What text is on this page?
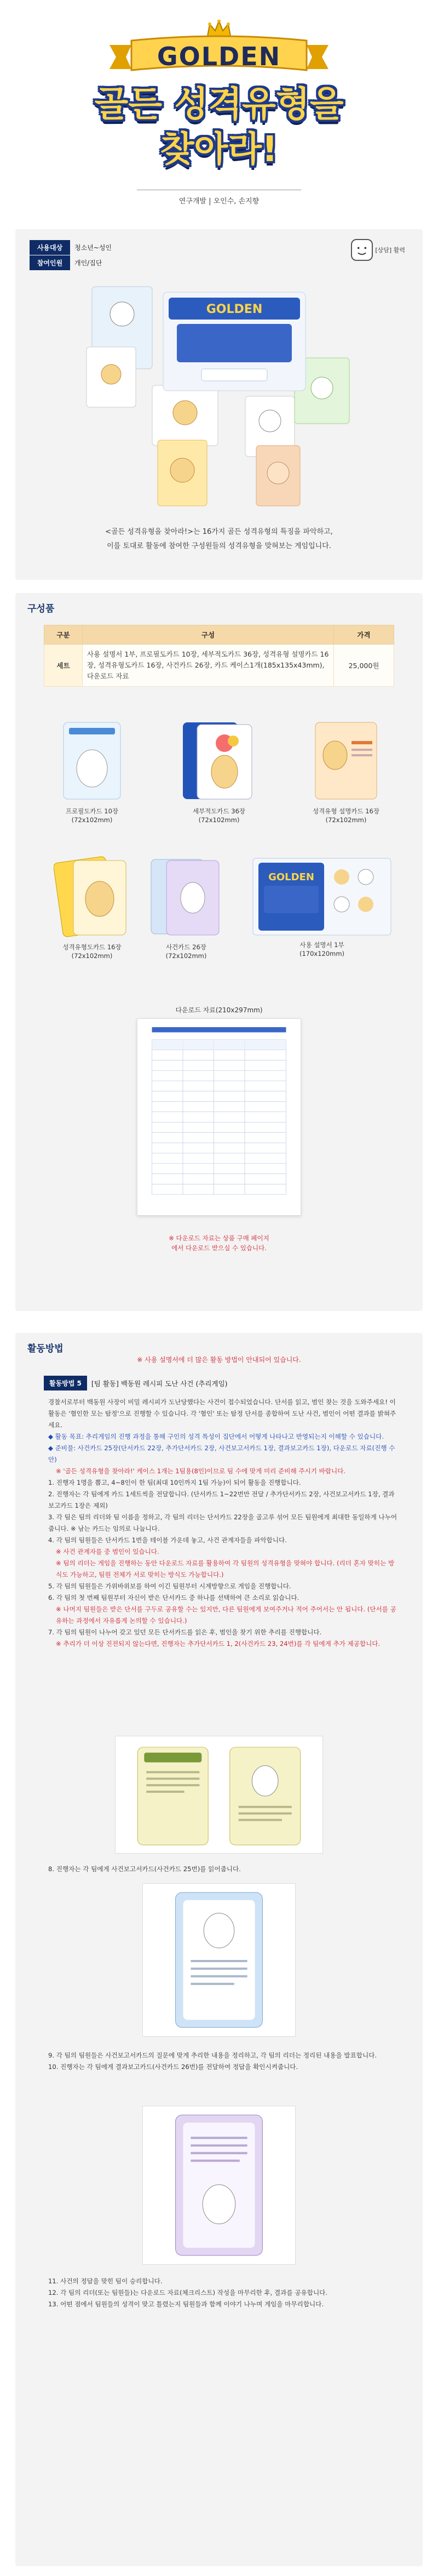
GOLDEN
골든 성격유형을
찾아라!
연구개발 | 오인수, 손지향
사용대상	청소년~성인
참여인원	개인/집단
[상담] 활력
GOLDEN
<골든 성격유형을 찾아라!>는 16가지 골든 성격유형의 특징을 파악하고,
이를 토대로 활동에 참여한 구성원들의 성격유형을 맞혀보는 게임입니다.
구성품
구분	구성	가격
세트	사용 설명서 1부, 프로필도카드 10장, 세부적도카드 36장, 성격유형 설명카드 16장, 성격유형도카드 16장, 사건카드 26장, 카드 케이스1개(185x135x43mm), 다운로드 자료	25,000원
프로필도카드 10장
(72x102mm)
세부적도카드 36장
(72x102mm)
성격유형 설명카드 16장
(72x102mm)
성격유형도카드 16장
(72x102mm)
사건카드 26장
(72x102mm)
GOLDEN
사용 설명서 1부
(170x120mm)
다운로드 자료(210x297mm)
※ 다운로드 자료는 상품 구매 페이지
에서 다운로드 받으실 수 있습니다.
활동방법
※ 사용 설명서에 더 많은 활동 방법이 안내되어 있습니다.
활동방법 5	[팀 활동] 백동원 레시피 도난 사건 (추리게임)

경찰서로부터 백동원 사장이 비밀 레시피가 도난당했다는 사건이 접수되었습니다. 단서를 읽고, 범인 찾는 것을 도와주세요! 이 활동은 '혐인한 모는 탐정'으로 진행할 수 있습니다. 각 '혐인' 또는 탐정 단서를 종합하여 도난 사건, 범인이 어떤 결과를 밝혀주세요.

◆ 활동 목표: 추리게임의 진행 과정을 통해 구인의 성격 특성이 집단에서 어떻게 나타나고 반영되는지 이해할 수 있습니다.

◆ 준비물: 사건카드 25장(단서카드 22장, 추가단서카드 2장, 사건보고서카드 1장, 결과보고카드 1장), 다운로드 자료(진행 수안)

※ '골든 성격유형을 찾아라!' 케이스 1개는 1팀용(8인)이므로 팀 수에 맞게 미리 준비해 주시기 바랍니다.

1. 진행자 1명을 뽑고, 4~8인이 한 팀(최대 10인까지 1팀 가능)이 되어 활동을 진행합니다.

2. 진행자는 각 팀에게 카드 1세트씩을 전달합니다. (단서카드 1~22번만 전달 / 추가단서카드 2장, 사건보고서카드 1장, 결과보고카드 1장은 제외)

3. 각 팀은 팀의 리더와 팀 이름을 정하고, 각 팀의 리더는 단서카드 22장을 골고루 섞어 모든 팀원에게 최대한 동일하게 나누어 줍니다. ※ 남는 카드는 임의로 나눕니다.

4. 각 팀의 팀원들은 단서카드 1번을 테이블 가운데 놓고, 사건 관계자들을 파악합니다.

※ 사건 관계자를 중 범인이 있습니다.

※ 팀의 리더는 게임을 진행하는 동안 다운로드 자료를 활용하여 각 팀원의 성격유형을 맞혀야 합니다. (리더 혼자 맞히는 방식도 가능하고, 팀원 전체가 서로 맞히는 방식도 가능합니다.)

5. 각 팀의 팀원들은 가위바위보를 하여 이긴 팀원부터 시계방향으로 게임을 진행합니다.

6. 각 팀의 첫 번째 팀원부터 자신이 받은 단서카드 중 하나를 선택하여 큰 소리로 읽습니다.

※ 나머지 팀원들은 받은 단서를 구두로 공유할 수는 있지만, 다른 팀원에게 보여주거나 적어 주어서는 안 됩니다. (단서를 공유하는 과정에서 자유롭게 논의할 수 있습니다.)

7. 각 팀의 팀원이 나누어 갖고 있던 모든 단서카드를 읽은 후, 범인을 찾기 위한 추리를 진행합니다.

※ 추리가 더 이상 진전되지 않는다면, 진행자는 추가단서카드 1, 2(사건카드 23, 24번)를 각 팀에게 추가 제공합니다.

8. 진행자는 각 팀에게 사건보고서카드(사건카드 25번)를 읽어줍니다.

9. 각 팀의 팀원들은 사건보고서카드의 질문에 맞게 추리한 내용을 정리하고, 각 팀의 리더는 정리된 내용을 발표합니다.

10. 진행자는 각 팀에게 결과보고카드(사건카드 26번)를 전달하여 정답을 확인시켜줍니다.

11. 사건의 정답을 맞힌 팀이 승리합니다.

12. 각 팀의 리더(또는 팀원들)는 다운로드 자료(체크리스트) 작성을 마무리한 후, 결과를 공유합니다.

13. 어떤 점에서 팀원들의 성격이 맞고 틀렸는지 팀원들과 함께 이야기 나누며 게임을 마무리합니다.
